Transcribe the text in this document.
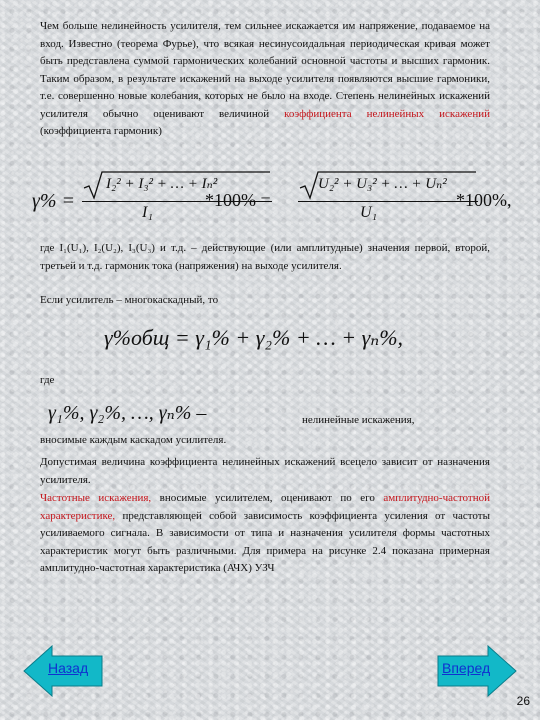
Чем больше нелинейность усилителя, тем сильнее искажается им напряжение, подаваемое на вход. Известно (теорема Фурье), что всякая несинусоидальная периодическая кривая может быть представлена суммой гармонических колебаний основной частоты и высших гармоник. Таким образом, в результате искажений на выходе усилителя появляются высшие гармоники, т.е. совершенно новые колебания, которых не было на входе. Степень нелинейных искажений усилителя обычно оценивают величиной коэффициента нелинейных искажений (коэффициента гармоник)

γ% =
I₂² + I₃² + … + Iₙ²
I₁
*100% =
U₂² + U₃² + … + Uₙ²
U₁
*100%,

где I₁(U₁), I₂(U₂), I₃(U₃) и т.д. – действующие (или амплитудные) значения первой, второй, третьей и т.д. гармоник тока (напряжения) на выходе усилителя.

Если усилитель – многокаскадный, то

γ%общ = γ₁% + γ₂% + … + γₙ%,

где

γ₁%, γ₂%, …, γₙ% –	нелинейные искажения,

вносимые каждым каскадом усилителя.

Допустимая величина коэффициента нелинейных искажений всецело зависит от назначения усилителя.

Частотные искажения, вносимые усилителем, оценивают по его амплитудно-частотной характеристике, представляющей собой зависимость коэффициента усиления от частоты усиливаемого сигнала. В зависимости от типа и назначения усилителя формы частотных характеристик могут быть различными. Для примера на рисунке 2.4 показана примерная амплитудно-частотная характеристика (АЧХ) УЗЧ

Назад	Вперед
26
